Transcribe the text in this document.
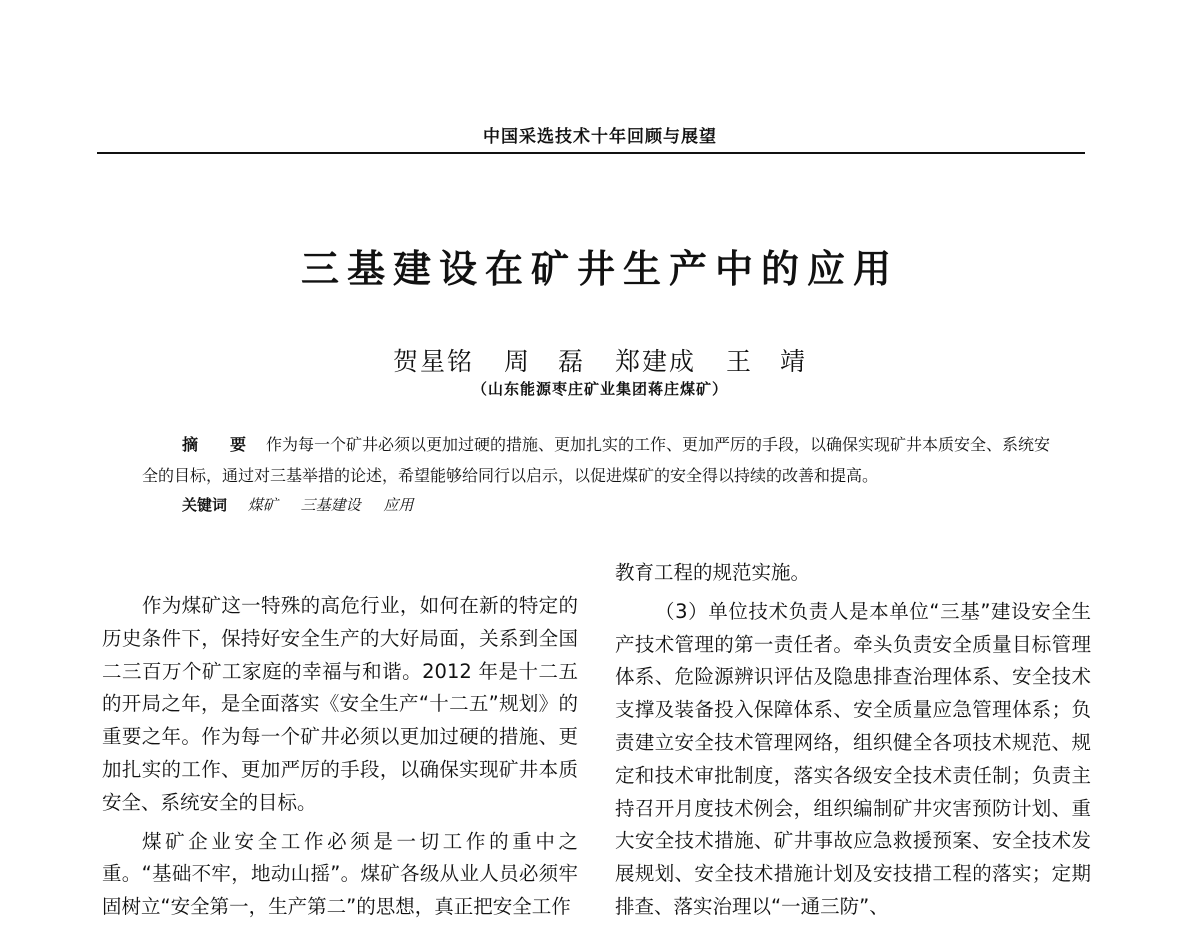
中国采选技术十年回顾与展望
三基建设在矿井生产中的应用
贺星铭 周　磊 郑建成 王　靖
（山东能源枣庄矿业集团蒋庄煤矿）
摘　要 作为每一个矿井必须以更加过硬的措施、更加扎实的工作、更加严厉的手段，以确保实现矿井本质安全、系统安全的目标，通过对三基举措的论述，希望能够给同行以启示，以促进煤矿的安全得以持续的改善和提高。
关键词 煤矿 三基建设 应用

作为煤矿这一特殊的高危行业，如何在新的特定的历史条件下，保持好安全生产的大好局面，关系到全国二三百万个矿工家庭的幸福与和谐。2012 年是十二五的开局之年，是全面落实《安全生产“十二五”规划》的重要之年。作为每一个矿井必须以更加过硬的措施、更加扎实的工作、更加严厉的手段，以确保实现矿井本质安全、系统安全的目标。

煤矿企业安全工作必须是一切工作的重中之重。“基础不牢，地动山摇”。煤矿各级从业人员必须牢固树立“安全第一，生产第二”的思想，真正把安全工作

教育工程的规范实施。

（3）单位技术负责人是本单位“三基”建设安全生产技术管理的第一责任者。牵头负责安全质量目标管理体系、危险源辨识评估及隐患排查治理体系、安全技术支撑及装备投入保障体系、安全质量应急管理体系；负责建立安全技术管理网络，组织健全各项技术规范、规定和技术审批制度，落实各级安全技术责任制；负责主持召开月度技术例会，组织编制矿井灾害预防计划、重大安全技术措施、矿井事故应急救援预案、安全技术发展规划、安全技术措施计划及安技措工程的落实；定期排查、落实治理以“一通三防”、
